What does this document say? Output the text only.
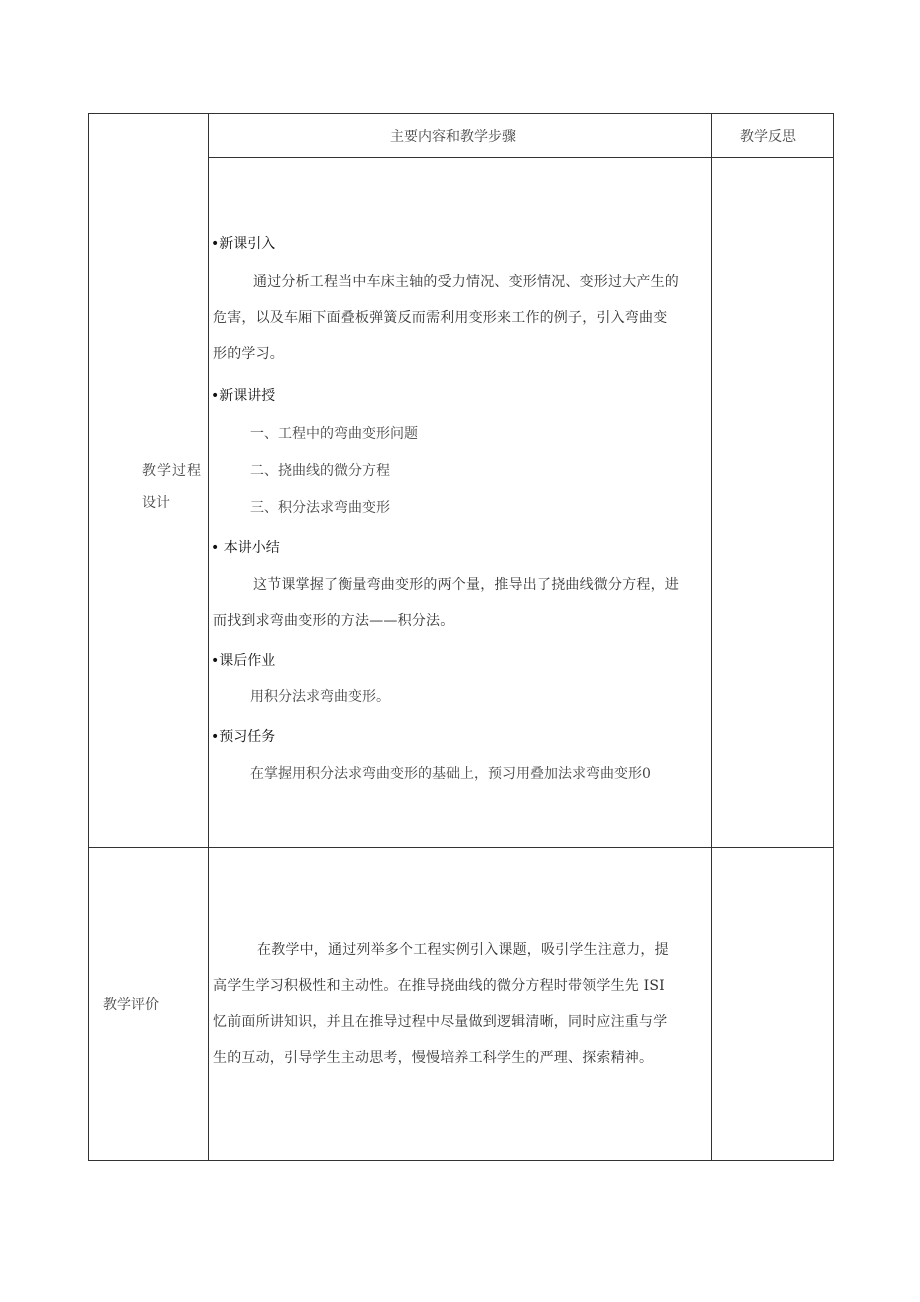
主要内容和教学步骤	教学反思
教学过程
设计
•新课引入
通过分析工程当中车床主轴的受力情况、变形情况、变形过大产生的
危害，以及车厢下面叠板弹簧反而需利用变形来工作的例子，引入弯曲变
形的学习。
•新课讲授
一、工程中的弯曲变形问题
二、挠曲线的微分方程
三、积分法求弯曲变形
• 本讲小结
这节课掌握了衡量弯曲变形的两个量，推导出了挠曲线微分方程，进
而找到求弯曲变形的方法——积分法。
•课后作业
用积分法求弯曲变形。
•预习任务
在掌握用积分法求弯曲变形的基础上，预习用叠加法求弯曲变形0
教学评价
在教学中，通过列举多个工程实例引入课题，吸引学生注意力，提
高学生学习积极性和主动性。在推导挠曲线的微分方程时带领学生先 ISI
忆前面所讲知识，并且在推导过程中尽量做到逻辑清晰，同时应注重与学
生的互动，引导学生主动思考，慢慢培养工科学生的严理、探索精神。
